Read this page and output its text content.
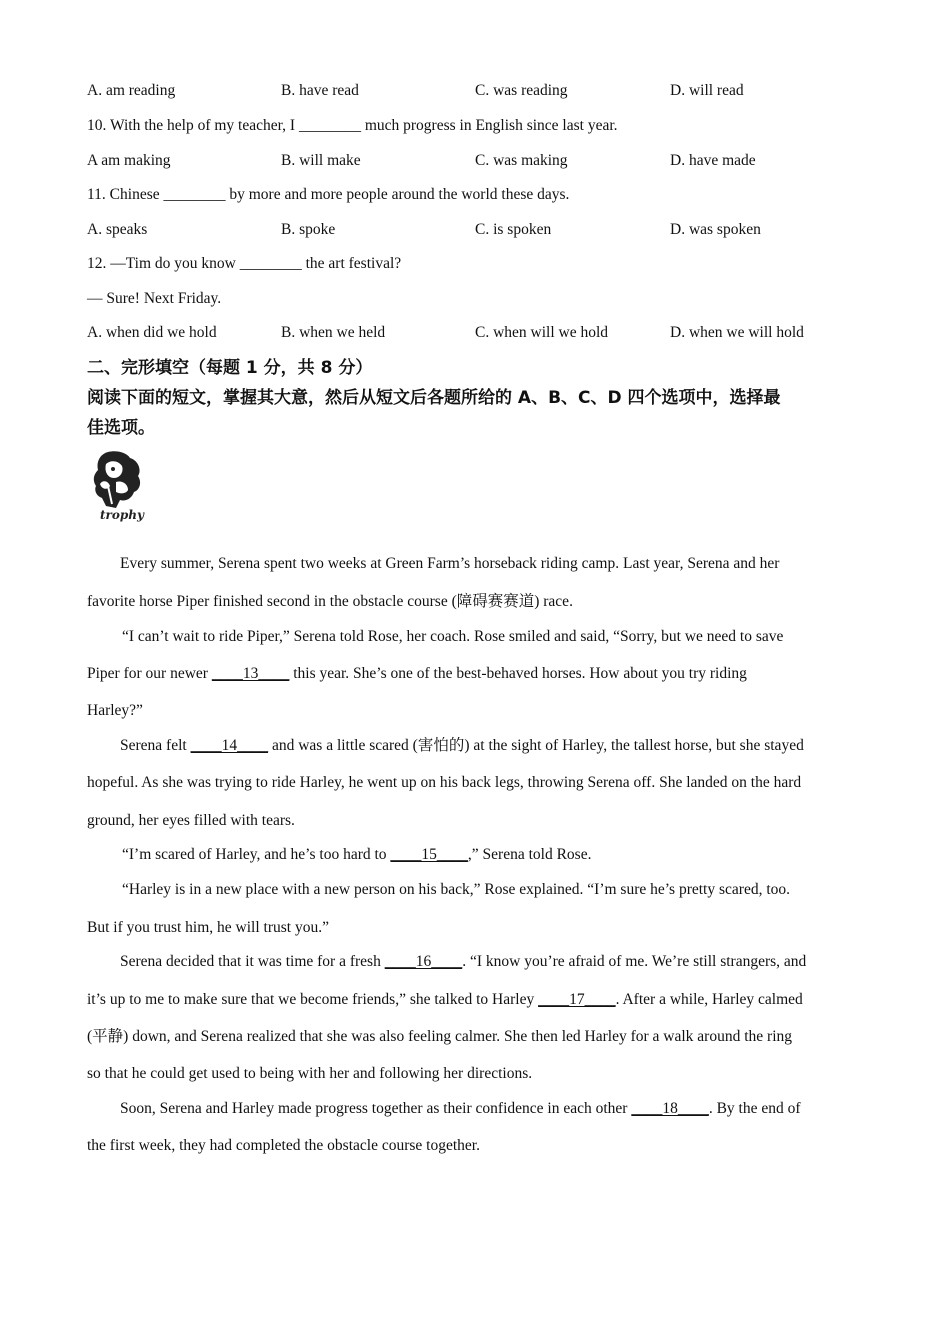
A. am reading	B. have read	C. was reading	D. will read
10. With the help of my teacher, I ________ much progress in English since last year.
A am making	B. will make	C. was making	D. have made
11. Chinese ________ by more and more people around the world these days.
A. speaks	B. spoke	C. is spoken	D. was spoken
12. —Tim do you know ________ the art festival?
— Sure! Next Friday.
A. when did we hold	B. when we held	C. when will we hold	D. when we will hold
二、完形填空（每题 1 分，共 8 分）
阅读下面的短文，掌握其大意，然后从短文后各题所给的 A、B、C、D 四个选项中，选择最
佳选项。
trophy
Every summer, Serena spent two weeks at Green Farm’s horseback riding camp. Last year, Serena and her
favorite horse Piper finished second in the obstacle course (障碍赛赛道) race.
“I can’t wait to ride Piper,” Serena told Rose, her coach. Rose smiled and said, “Sorry, but we need to save
Piper for our newer ____13____ this year. She’s one of the best-behaved horses. How about you try riding
Harley?”
Serena felt ____14____ and was a little scared (害怕的) at the sight of Harley, the tallest horse, but she stayed
hopeful. As she was trying to ride Harley, he went up on his back legs, throwing Serena off. She landed on the hard
ground, her eyes filled with tears.
“I’m scared of Harley, and he’s too hard to ____15____,” Serena told Rose.
“Harley is in a new place with a new person on his back,” Rose explained. “I’m sure he’s pretty scared, too.
But if you trust him, he will trust you.”
Serena decided that it was time for a fresh ____16____. “I know you’re afraid of me. We’re still strangers, and
it’s up to me to make sure that we become friends,” she talked to Harley ____17____. After a while, Harley calmed
(平静) down, and Serena realized that she was also feeling calmer. She then led Harley for a walk around the ring
so that he could get used to being with her and following her directions.
Soon, Serena and Harley made progress together as their confidence in each other ____18____. By the end of
the first week, they had completed the obstacle course together.
